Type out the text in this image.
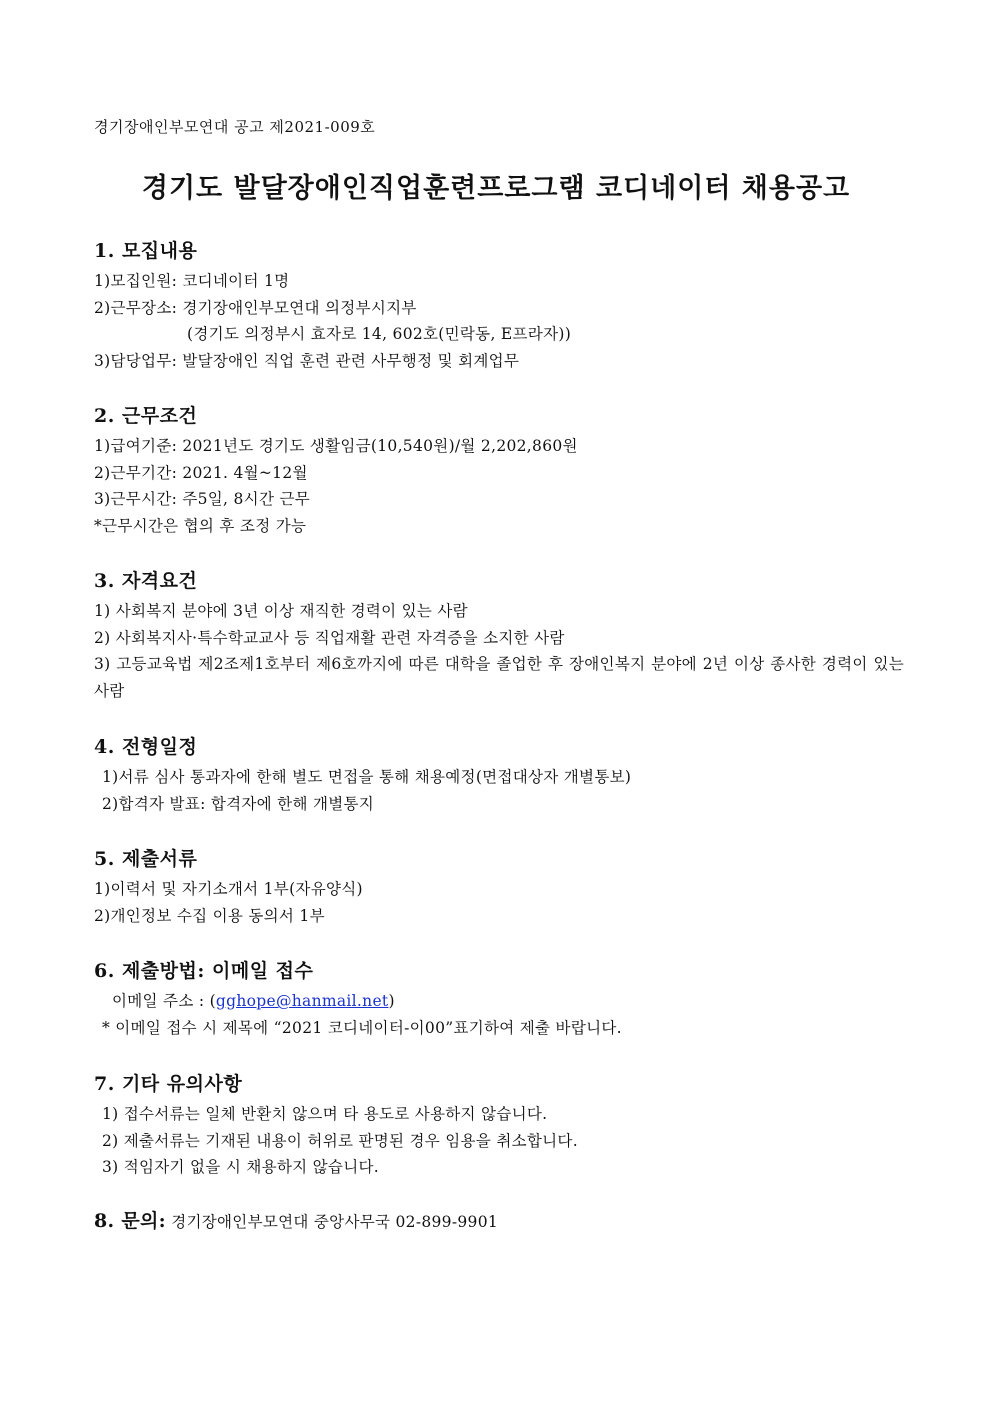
경기장애인부모연대 공고 제2021-009호
경기도 발달장애인직업훈련프로그램 코디네이터 채용공고
1. 모집내용
1)모집인원: 코디네이터 1명
2)근무장소: 경기장애인부모연대 의정부시지부
(경기도 의정부시 효자로 14, 602호(민락동, E프라자))
3)담당업무: 발달장애인 직업 훈련 관련 사무행정 및 회계업무
2. 근무조건
1)급여기준: 2021년도 경기도 생활임금(10,540원)/월 2,202,860원
2)근무기간: 2021. 4월~12월
3)근무시간: 주5일, 8시간 근무
*근무시간은 협의 후 조정 가능
3. 자격요건
1) 사회복지 분야에 3년 이상 재직한 경력이 있는 사람
2) 사회복지사·특수학교교사 등 직업재활 관련 자격증을 소지한 사람
3) 고등교육법 제2조제1호부터 제6호까지에 따른 대학을 졸업한 후 장애인복지 분야에 2년 이상 종사한 경력이 있는 사람
4. 전형일정
1)서류 심사 통과자에 한해 별도 면접을 통해 채용예정(면접대상자 개별통보)
2)합격자 발표: 합격자에 한해 개별통지
5. 제출서류
1)이력서 및 자기소개서 1부(자유양식)
2)개인정보 수집 이용 동의서 1부
6. 제출방법: 이메일 접수
이메일 주소 : (gghope@hanmail.net)
* 이메일 접수 시 제목에 “2021 코디네이터-이00”표기하여 제출 바랍니다.
7. 기타 유의사항
1) 접수서류는 일체 반환치 않으며 타 용도로 사용하지 않습니다.
2) 제출서류는 기재된 내용이 허위로 판명된 경우 임용을 취소합니다.
3) 적임자기 없을 시 채용하지 않습니다.
8. 문의: 경기장애인부모연대 중앙사무국 02-899-9901
